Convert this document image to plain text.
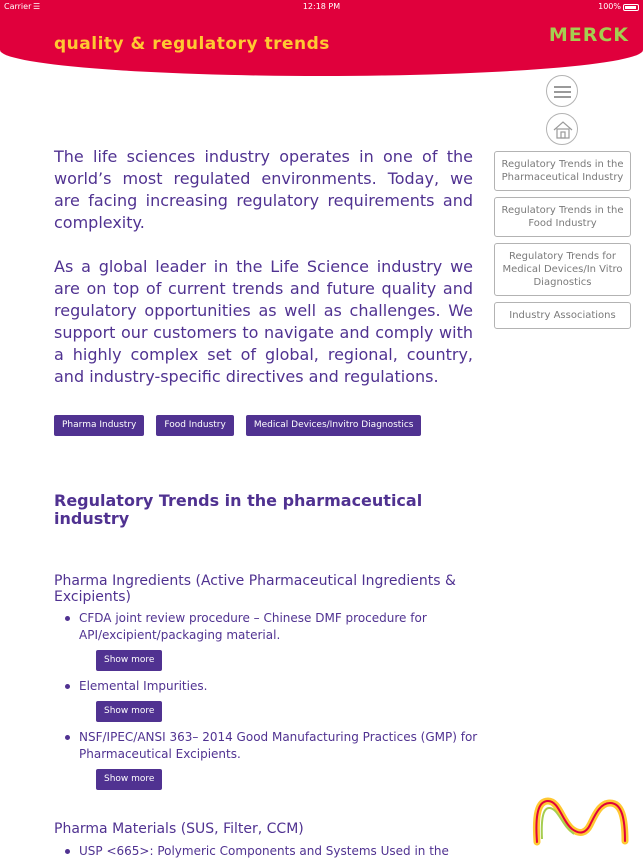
Carrier ☰	12:18 PM	100%
quality & regulatory trends	MERCK
Regulatory Trends in the Pharmaceutical Industry
Regulatory Trends in the Food Industry
Regulatory Trends for Medical Devices/In Vitro Diagnostics
Industry Associations

The life sciences industry operates in one of the world’s most regulated environments. Today, we are facing increasing regulatory requirements and complexity.

As a global leader in the Life Science industry we are on top of current trends and future quality and regulatory opportunities as well as challenges. We support our customers to navigate and comply with a highly complex set of global, regional, country, and industry-specific directives and regulations.

Pharma Industry	Food Industry	Medical Devices/Invitro Diagnostics
Regulatory Trends in the pharmaceutical industry
Pharma Ingredients (Active Pharmaceutical Ingredients & Excipients)
CFDA joint review procedure – Chinese DMF procedure for API/excipient/packaging material.
Show more
Elemental Impurities.
Show more
NSF/IPEC/ANSI 363– 2014 Good Manufacturing Practices (GMP) for Pharmaceutical Excipients.
Show more
Pharma Materials (SUS, Filter, CCM)
USP <665>: Polymeric Components and Systems Used in the
